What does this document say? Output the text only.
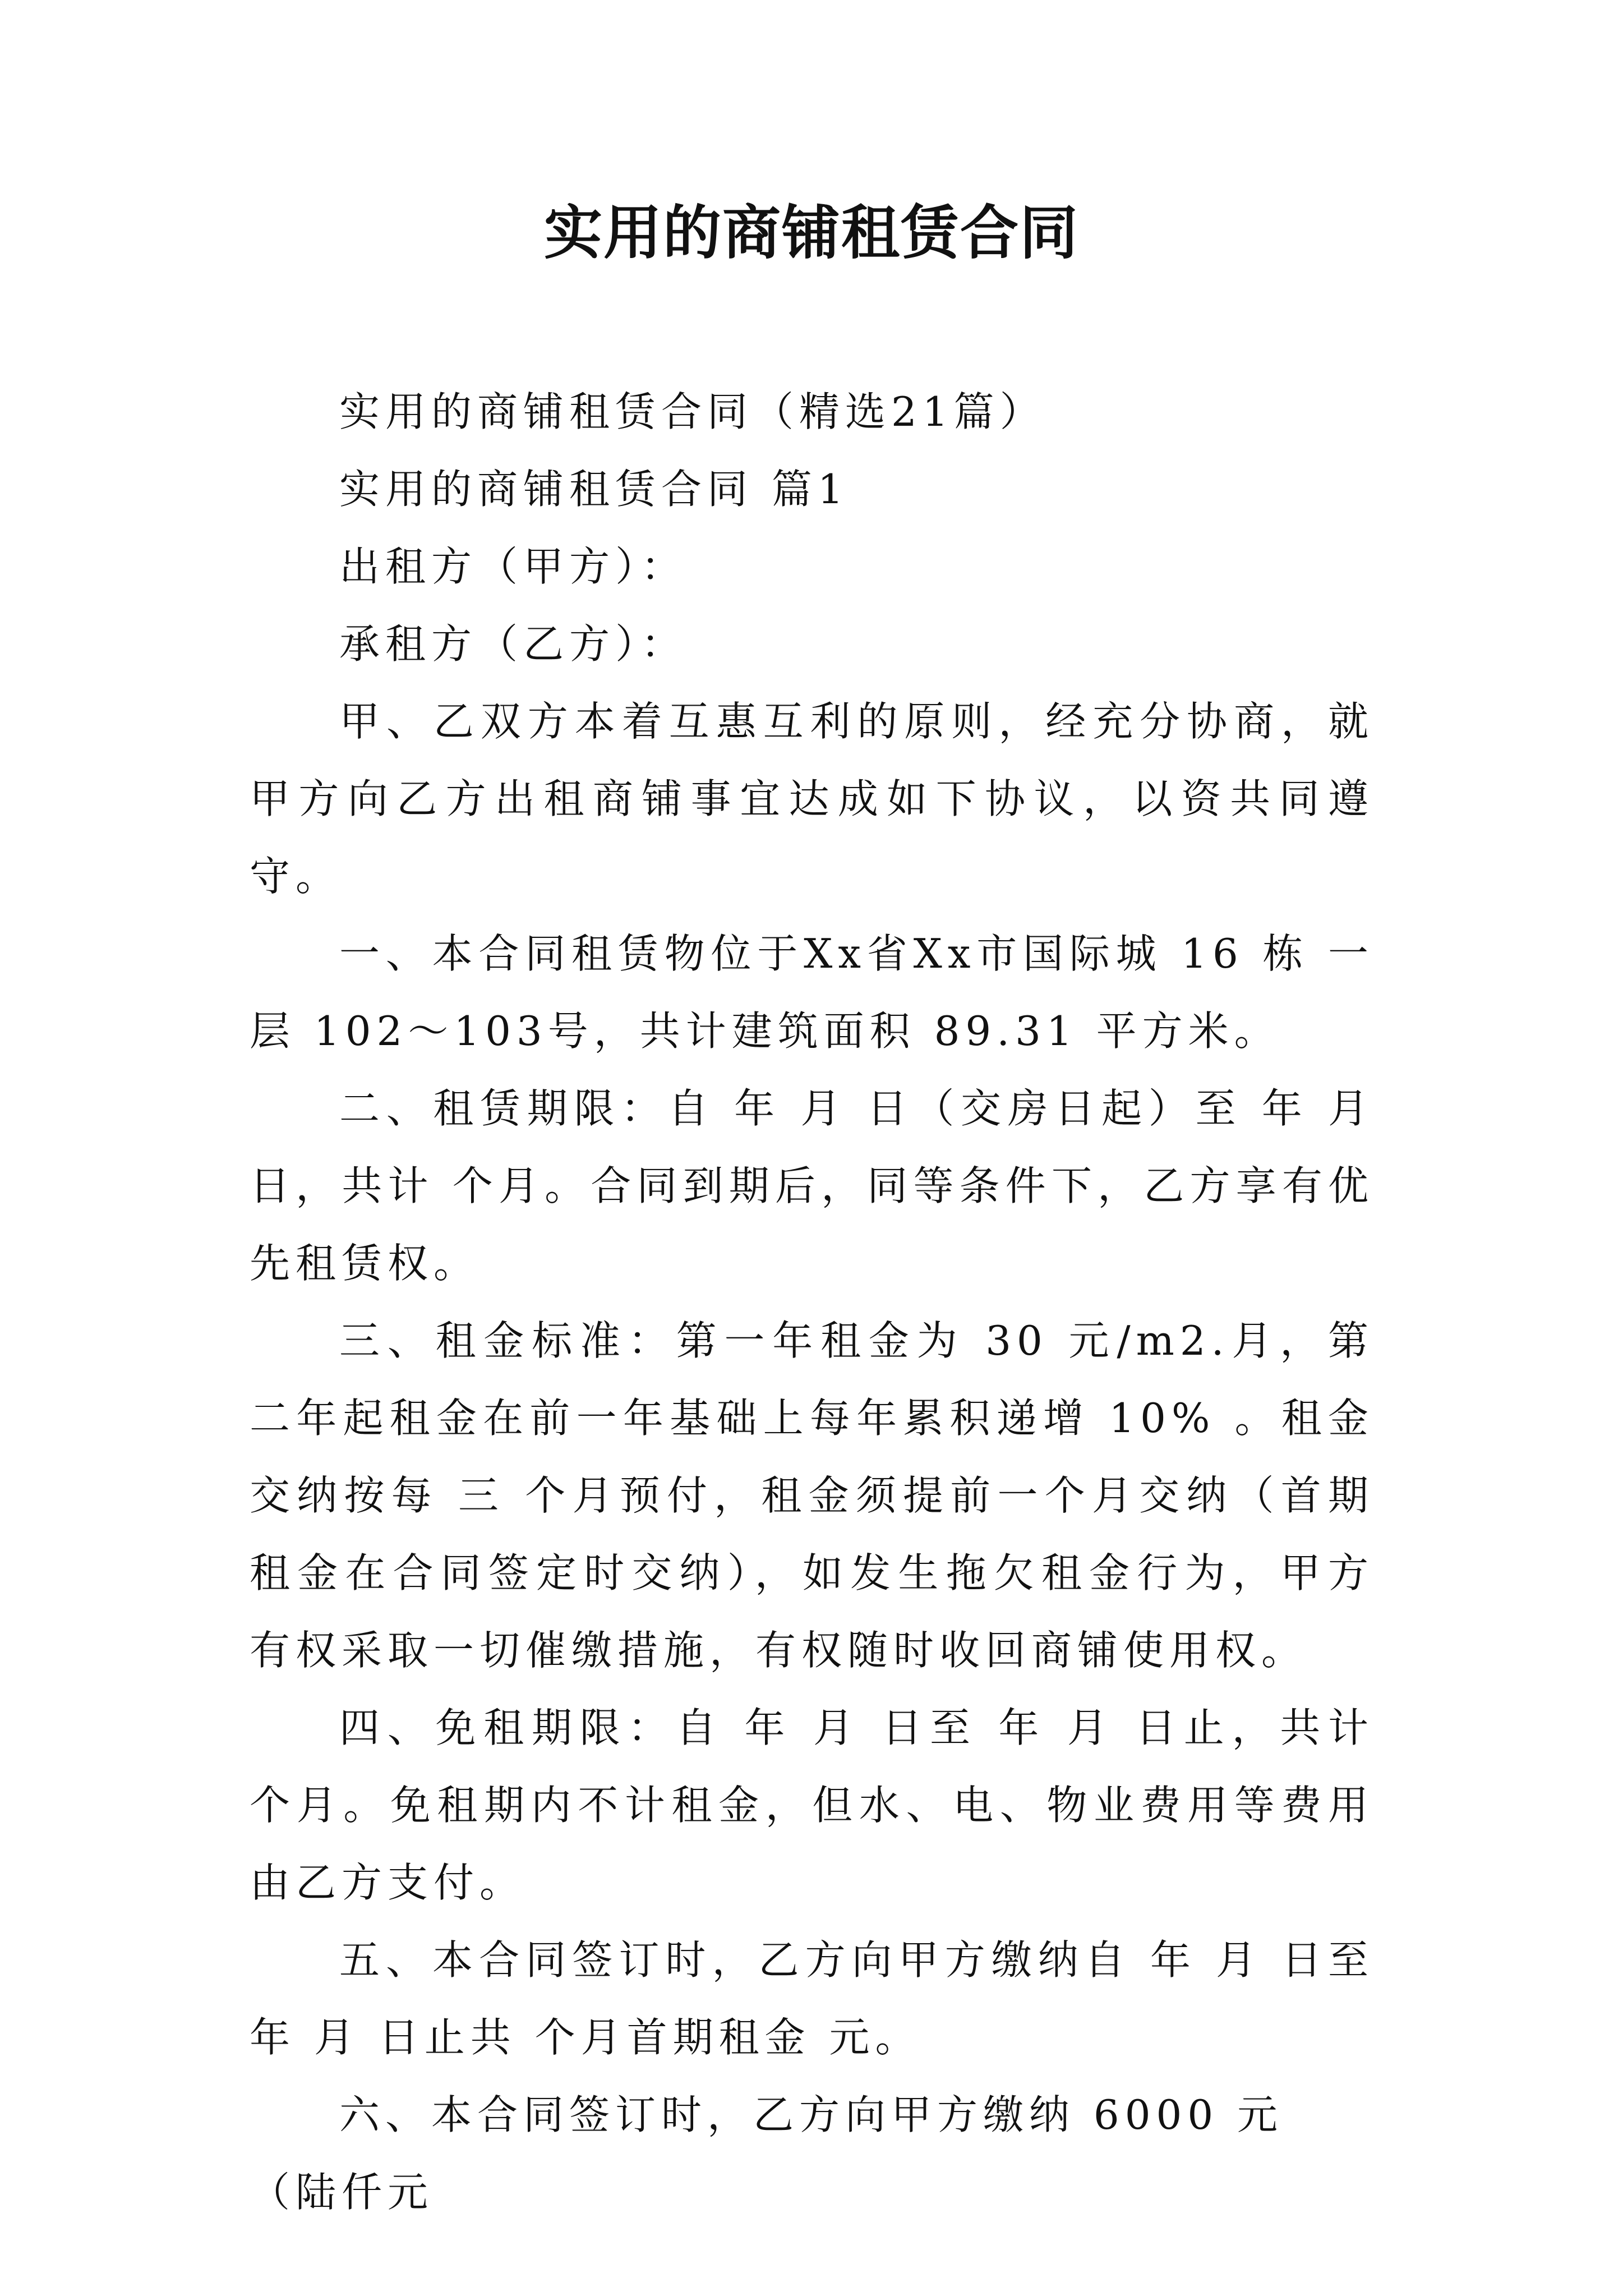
实用的商铺租赁合同

实用的商铺租赁合同（精选21篇）

实用的商铺租赁合同 篇1

出租方（甲方）：

承租方（乙方）：

甲、乙双方本着互惠互利的原则，经充分协商，就甲方向乙方出租商铺事宜达成如下协议，以资共同遵守。

一、本合同租赁物位于Xx省Xx市国际城 16 栋 一 层 102～103号，共计建筑面积 89.31 平方米。

二、租赁期限：自 年 月 日（交房日起）至 年 月 日，共计 个月。合同到期后，同等条件下，乙方享有优先租赁权。

三、租金标准：第一年租金为 30 元/m2.月，第二年起租金在前一年基础上每年累积递增 10% 。租金交纳按每 三 个月预付，租金须提前一个月交纳（首期租金在合同签定时交纳），如发生拖欠租金行为，甲方有权采取一切催缴措施，有权随时收回商铺使用权。

四、免租期限：自 年 月 日至 年 月 日止，共计 个月。免租期内不计租金，但水、电、物业费用等费用由乙方支付。

五、本合同签订时，乙方向甲方缴纳自 年 月 日至 年 月 日止共 个月首期租金 元。

六、本合同签订时，乙方向甲方缴纳 6000 元（陆仟元
